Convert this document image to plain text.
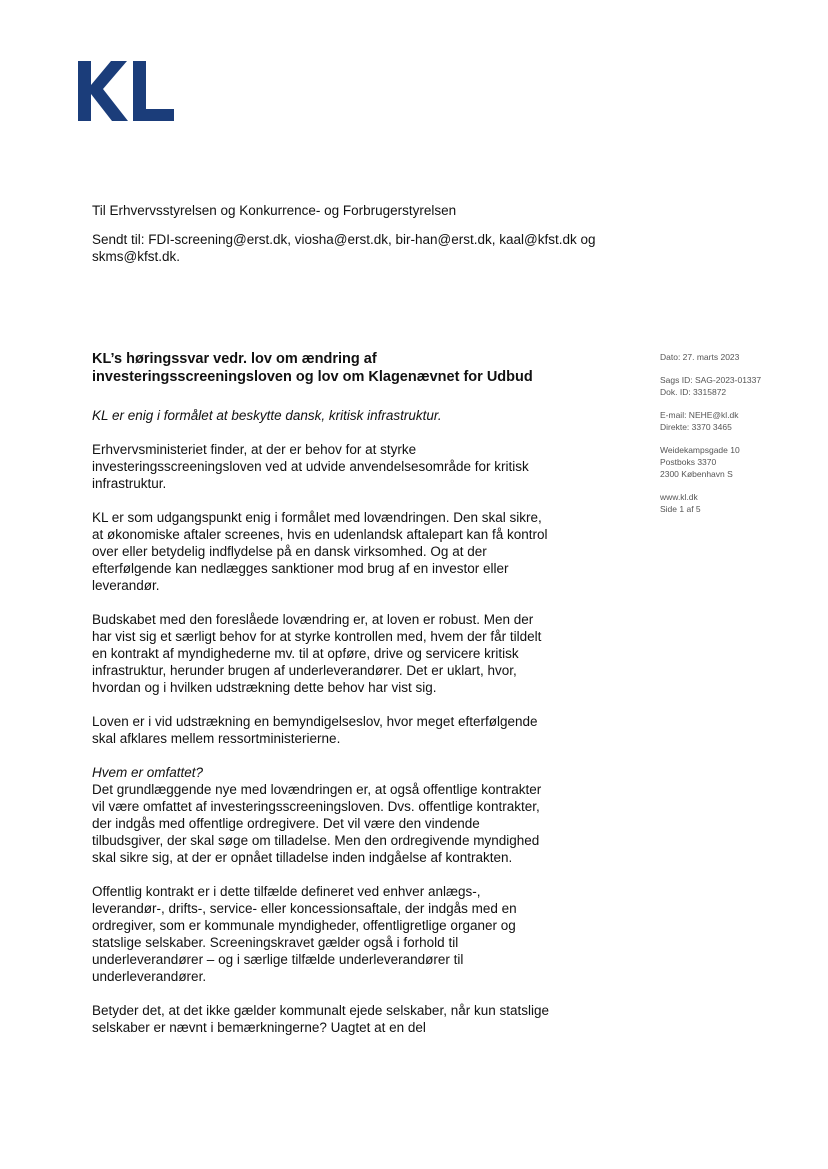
Til Erhvervsstyrelsen og Konkurrence- og Forbrugerstyrelsen

Sendt til: FDI-screening@erst.dk, viosha@erst.dk, bir-han@erst.dk, kaal@kfst.dk og skms@kfst.dk.

KL’s høringssvar vedr. lov om ændring af investeringsscreeningsloven og lov om Klagenævnet for Udbud

KL er enig i formålet at beskytte dansk, kritisk infrastruktur.

Erhvervsministeriet finder, at der er behov for at styrke investeringsscreeningsloven ved at udvide anvendelsesområde for kritisk infrastruktur.

KL er som udgangspunkt enig i formålet med lovændringen. Den skal sikre, at økonomiske aftaler screenes, hvis en udenlandsk aftalepart kan få kontrol over eller betydelig indflydelse på en dansk virksomhed. Og at der efterfølgende kan nedlægges sanktioner mod brug af en investor eller leverandør.

Budskabet med den foreslåede lovændring er, at loven er robust. Men der har vist sig et særligt behov for at styrke kontrollen med, hvem der får tildelt en kontrakt af myndighederne mv. til at opføre, drive og servicere kritisk infrastruktur, herunder brugen af underleverandører. Det er uklart, hvor, hvordan og i hvilken udstrækning dette behov har vist sig.

Loven er i vid udstrækning en bemyndigelseslov, hvor meget efterfølgende skal afklares mellem ressortministerierne.

Hvem er omfattet?
Det grundlæggende nye med lovændringen er, at også offentlige kontrakter vil være omfattet af investeringsscreeningsloven. Dvs. offentlige kontrakter, der indgås med offentlige ordregivere. Det vil være den vindende tilbudsgiver, der skal søge om tilladelse. Men den ordregivende myndighed skal sikre sig, at der er opnået tilladelse inden indgåelse af kontrakten.

Offentlig kontrakt er i dette tilfælde defineret ved enhver anlægs-, leverandør-, drifts-, service- eller koncessionsaftale, der indgås med en ordregiver, som er kommunale myndigheder, offentligretlige organer og statslige selskaber. Screeningskravet gælder også i forhold til underleverandører – og i særlige tilfælde underleverandører til underleverandører.

Betyder det, at det ikke gælder kommunalt ejede selskaber, når kun statslige selskaber er nævnt i bemærkningerne? Uagtet at en del

Dato: 27. marts 2023
Sags ID: SAG-2023-01337
Dok. ID: 3315872
E-mail: NEHE@kl.dk
Direkte: 3370 3465
Weidekampsgade 10
Postboks 3370
2300 København S
www.kl.dk
Side 1 af 5
